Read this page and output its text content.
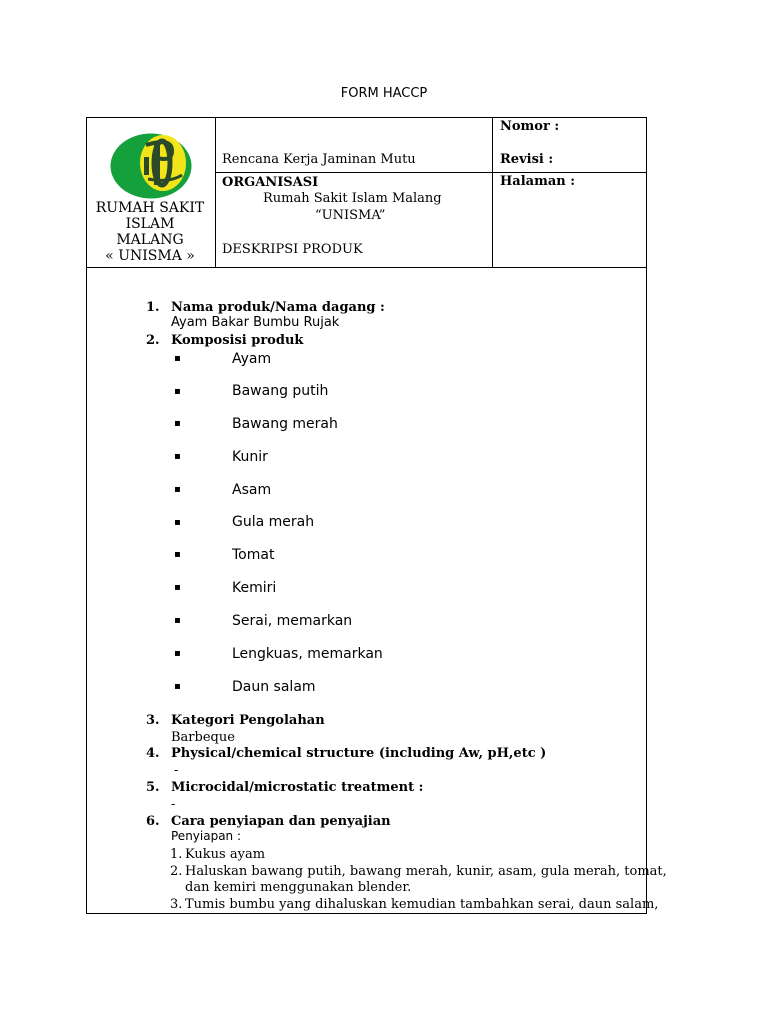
FORM HACCP
RUMAH SAKIT
ISLAM
MALANG
« UNISMA »
Rencana Kerja Jaminan Mutu
ORGANISASI
Rumah Sakit Islam Malang
“UNISMA”
DESKRIPSI PRODUK
Nomor :
Revisi :
Halaman :
1. Nama produk/Nama dagang :
Ayam Bakar Bumbu Rujak
2. Komposisi produk
▪	Ayam
▪	Bawang putih
▪	Bawang merah
▪	Kunir
▪	Asam
▪	Gula merah
▪	Tomat
▪	Kemiri
▪	Serai, memarkan
▪	Lengkuas, memarkan
▪	Daun salam
3. Kategori Pengolahan
Barbeque
4. Physical/chemical structure (including Aw, pH,etc )
-
5. Microcidal/microstatic treatment :
-
6. Cara penyiapan dan penyajian
Penyiapan :
1. Kukus ayam
2. Haluskan bawang putih, bawang merah, kunir, asam, gula merah, tomat,
dan kemiri menggunakan blender.
3. Tumis bumbu yang dihaluskan kemudian tambahkan serai, daun salam,
